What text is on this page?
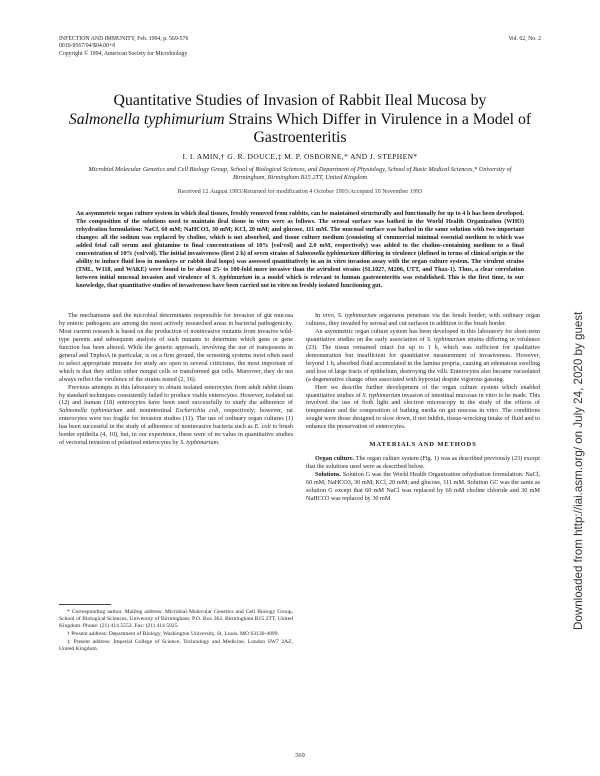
INFECTION AND IMMUNITY, Feb. 1994, p. 569-576
0019-9567/94/$04.00+0
Copyright © 1994, American Society for Microbiology
Vol. 62, No. 2
Downloaded from http://iai.asm.org/ on July 24, 2020 by guest
Quantitative Studies of Invasion of Rabbit Ileal Mucosa by
Salmonella typhimurium Strains Which Differ in Virulence in a Model of Gastroenteritis
I. I. AMIN,† G. R. DOUCE,‡ M. P. OSBORNE,* AND J. STEPHEN*
Microbial Molecular Genetics and Cell Biology Group, School of Biological Sciences, and Department of Physiology, School of Basic Medical Sciences,* University of Birmingham, Birmingham B15 2TT, United Kingdom
Received 12 August 1993/Returned for modification 4 October 1993/Accepted 10 November 1993

An asymmetric organ culture system in which ileal tissues, freshly removed from rabbits, can be maintained structurally and functionally for up to 4 h has been developed. The composition of the solutions used to maintain ileal tissue in vitro were as follows. The serosal surface was bathed in the World Health Organization (WHO) rehydration formulation: NaCl, 60 mM; NaHCO3, 30 mM; KCl, 20 mM; and glucose, 111 mM. The mucosal surface was bathed in the same solution with two important changes: all the sodium was replaced by choline, which is not absorbed, and tissue culture medium (consisting of commercial minimal essential medium to which was added fetal calf serum and glutamine to final concentrations of 10% [vol/vol] and 2.0 mM, respectively) was added to the choline-containing medium to a final concentration of 10% (vol/vol). The initial invasiveness (first 2 h) of seven strains of Salmonella typhimurium differing in virulence (defined in terms of clinical origin or the ability to induce fluid loss in monkeys or rabbit ileal loops) was assessed quantitatively in an in vitro invasion assay with the organ culture system. The virulent strains (TML, W118, and WAKE) were found to be about 25- to 100-fold more invasive than the avirulent strains (SL1027, M206, UTT, and Thax-1). Thus, a clear correlation between initial mucosal invasion and virulence of S. typhimurium in a model which is relevant to human gastroenteritis was established. This is the first time, to our knowledge, that quantitative studies of invasiveness have been carried out in vitro on freshly isolated functioning gut.

The mechanisms and the microbial determinants responsible for invasion of gut mucosa by enteric pathogens are among the most actively researched areas in bacterial pathogenicity. Most current research is based on the production of noninvasive mutants from invasive wild-type parents and subsequent analysis of such mutants to determine which gene or gene function has been altered. While the genetic approach, involving the use of transposons in general and TnphoA in particular, is on a firm ground, the screening systems most often used to select appropriate mutants for study are open to several criticisms, the most important of which is that they utilize either nongut cells or transformed gut cells. Moreover, they do not always reflect the virulence of the strains tested (2, 16).

Previous attempts in this laboratory to obtain isolated enterocytes from adult rabbit ileum by standard techniques consistently failed to produce viable enterocytes. However, isolated rat (12) and human (18) enterocytes have been used successfully to study the adherence of Salmonella typhimurium and nonintestinal Escherichia coli, respectively; however, rat enterocytes were too fragile for invasion studies (11). The use of ordinary organ cultures (1) has been successful in the study of adherence of noninvasive bacteria such as E. coli to brush border epithelia (4, 10), but, in our experience, these were of no value in quantitative studies of vectorial invasion of polarized enterocytes by S. typhimurium.

In vivo, S. typhimurium organisms penetrate via the brush border; with ordinary organ cultures, they invaded by serosal and cut surfaces in addition to the brush border.

An asymmetric organ culture system has been developed in this laboratory for short-term quantitative studies on the early association of S. typhimurium strains differing in virulence (23). The tissue remained intact for up to 1 h, which was sufficient for qualitative demonstration but insufficient for quantitative measurement of invasiveness. However, beyond 1 h, absorbed fluid accumulated in the lamina propria, causing an edematous swelling and loss of large tracts of epithelium, destroying the villi. Enterocytes also became vacuolated (a degenerative change often associated with hypoxia) despite vigorous gassing.

Here we describe further development of the organ culture system which enabled quantitative studies of S. typhimurium invasion of intestinal mucosae in vitro to be made. This involved the use of both light and electron microscopy in the study of the effects of temperature and the composition of bathing media on gut mucosa in vitro. The conditions sought were those designed to slow down, if not inhibit, tissue-wrecking intake of fluid and to enhance the preservation of enterocytes.

MATERIALS AND METHODS

Organ culture. The organ culture system (Fig. 1) was as described previously (23) except that the solutions used were as described below.

Solutions. Solution G was the World Health Organization rehydration formulation: NaCl, 60 mM; NaHCO3, 30 mM; KCl, 20 mM; and glucose, 111 mM. Solution GC was the same as solution G except that 60 mM NaCl was replaced by 60 mM choline chloride and 30 mM NaHCO3 was replaced by 30 mM

* Corresponding author. Mailing address: Microbial Molecular Genetics and Cell Biology Group, School of Biological Sciences, University of Birmingham, P.O. Box 363, Birmingham B15 2TT, United Kingdom. Phone: (21) 414 5553. Fax: (21) 414 5925.

† Present address: Department of Biology, Washington University, St. Louis, MO 63130-4899.

‡ Present address: Imperial College of Science, Technology and Medicine, London SW7 2AZ, United Kingdom.

569
